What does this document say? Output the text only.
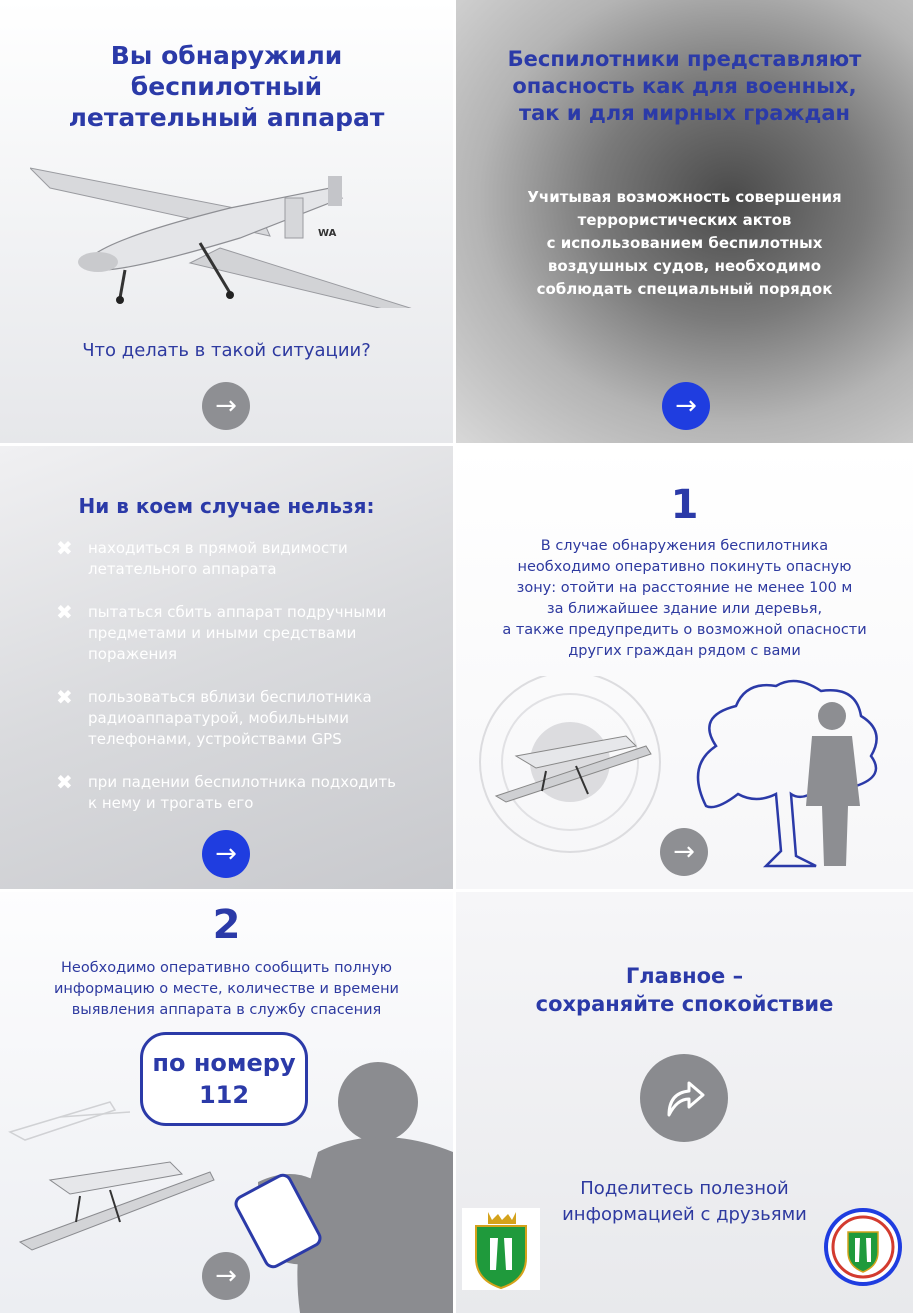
Вы обнаружили
беспилотный
летательный аппарат
WA
Что делать в такой ситуации?
→
Беспилотники представляют
опасность как для военных,
так и для мирных граждан
Учитывая возможность совершения
террористических актов
с использованием беспилотных
воздушных судов, необходимо
соблюдать специальный порядок
→
Ни в коем случае нельзя:
✖ находиться в прямой видимости
летательного аппарата
✖ пытаться сбить аппарат подручными
предметами и иными средствами
поражения
✖ пользоваться вблизи беспилотника
радиоаппаратурой, мобильными
телефонами, устройствами GPS
✖ при падении беспилотника подходить
к нему и трогать его
→
1
В случае обнаружения беспилотника
необходимо оперативно покинуть опасную
зону: отойти на расстояние не менее 100 м
за ближайшее здание или деревья,
а также предупредить о возможной опасности
других граждан рядом с вами
→
2
Необходимо оперативно сообщить полную
информацию о месте, количестве и времени
выявления аппарата в службу спасения
по номеру
112
→
Главное –
сохраняйте спокойствие
Поделитесь полезной
информацией с друзьями
